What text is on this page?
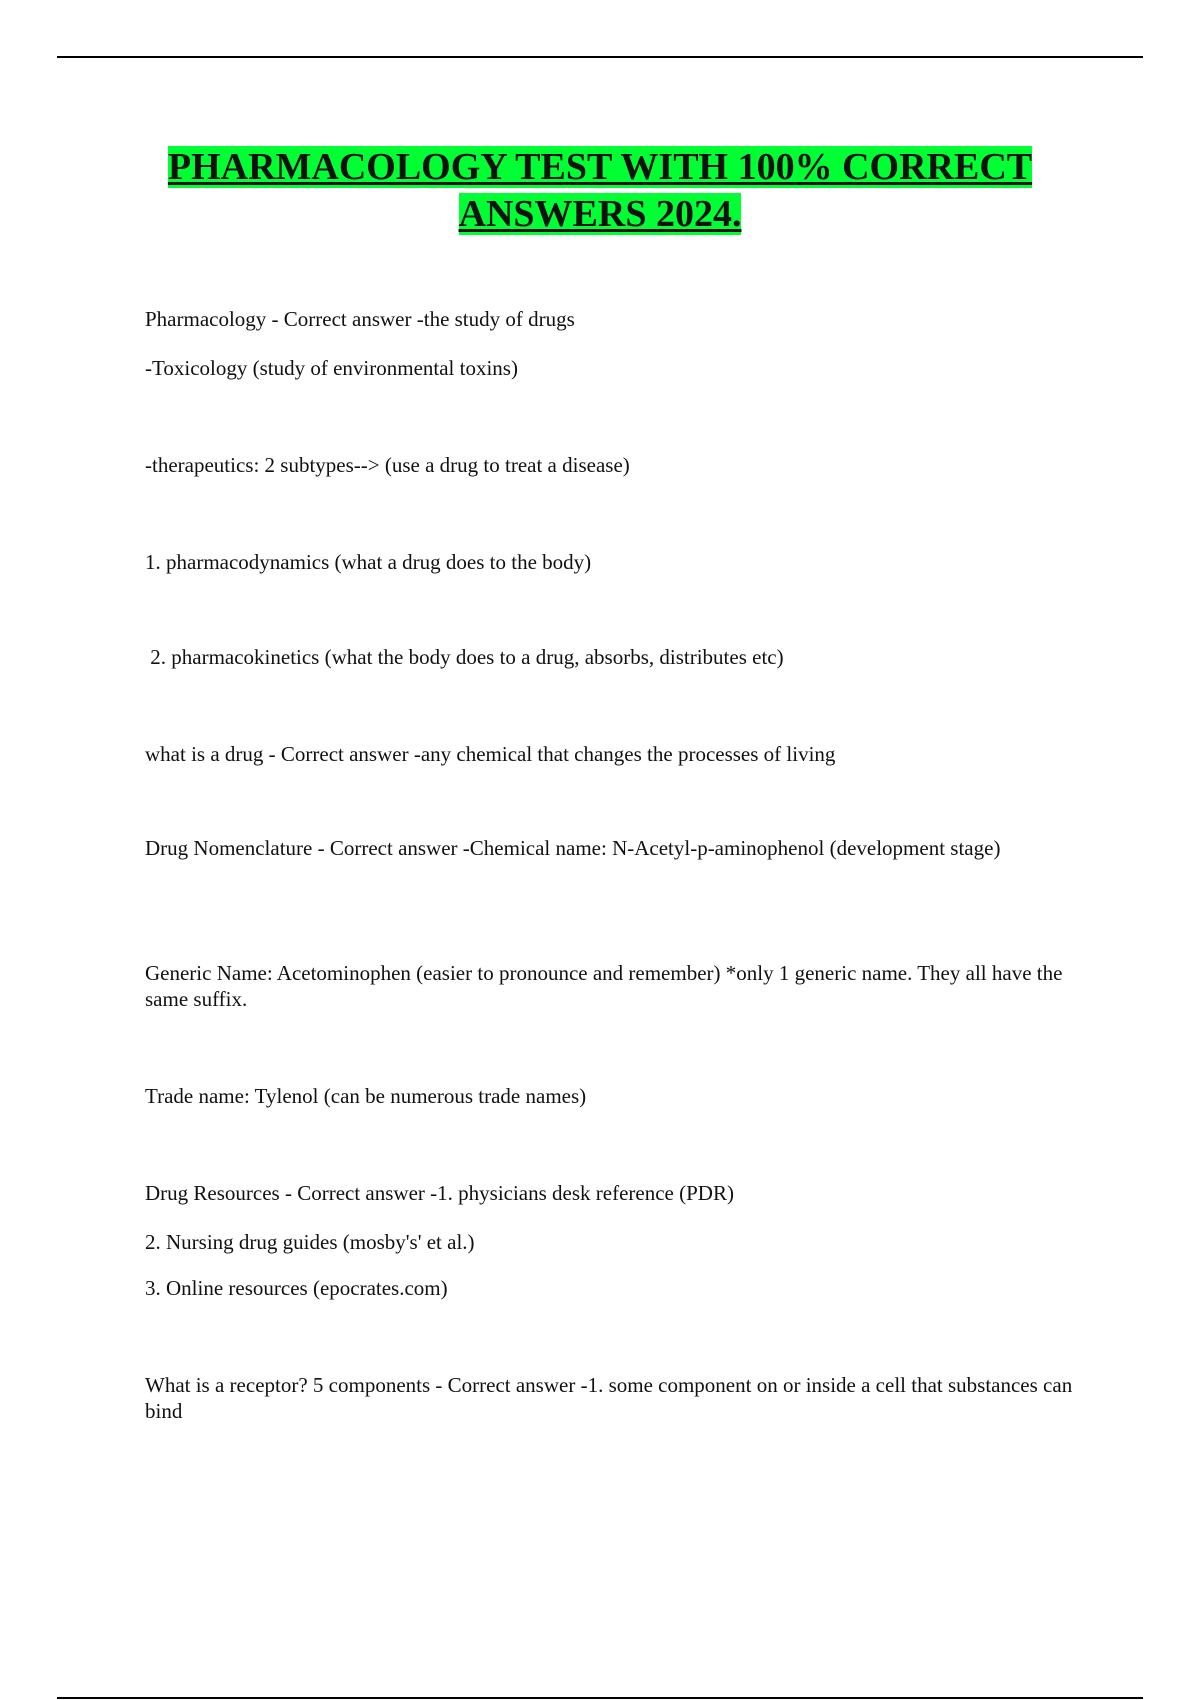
PHARMACOLOGY TEST WITH 100% CORRECT
ANSWERS 2024.

Pharmacology - Correct answer -the study of drugs

-Toxicology (study of environmental toxins)

-therapeutics: 2 subtypes--> (use a drug to treat a disease)

1. pharmacodynamics (what a drug does to the body)

2. pharmacokinetics (what the body does to a drug, absorbs, distributes etc)

what is a drug - Correct answer -any chemical that changes the processes of living

Drug Nomenclature - Correct answer -Chemical name: N-Acetyl-p-aminophenol (development stage)

Generic Name: Acetominophen (easier to pronounce and remember) *only 1 generic name. They all have the same suffix.

Trade name: Tylenol (can be numerous trade names)

Drug Resources - Correct answer -1. physicians desk reference (PDR)

2. Nursing drug guides (mosby's' et al.)

3. Online resources (epocrates.com)

What is a receptor? 5 components - Correct answer -1. some component on or inside a cell that substances can bind
